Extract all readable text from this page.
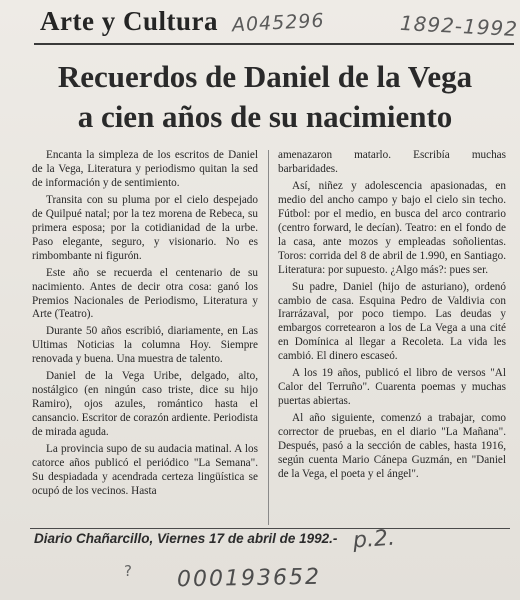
Arte y Cultura A045296	1892-1992
Recuerdos de Daniel de la Vega
a cien años de su nacimiento

Encanta la simpleza de los escritos de Daniel de la Vega, Literatura y periodismo quitan la sed de información y de sentimiento.

Transita con su pluma por el cielo despejado de Quilpué natal; por la tez morena de Rebeca, su primera esposa; por la cotidianidad de la urbe. Paso elegante, seguro, y visionario. No es rimbombante ni figurón.

Este año se recuerda el centenario de su nacimiento. Antes de decir otra cosa: ganó los Premios Nacionales de Periodismo, Literatura y Arte (Teatro).

Durante 50 años escribió, diariamente, en Las Ultimas Noticias la columna Hoy. Siempre renovada y buena. Una muestra de talento.

Daniel de la Vega Uribe, delgado, alto, nostálgico (en ningún caso triste, dice su hijo Ramiro), ojos azules, romántico hasta el cansancio. Escritor de corazón ardiente. Periodista de mirada aguda.

La provincia supo de su audacia matinal. A los catorce años publicó el periódico "La Semana". Su despiadada y acendrada certeza lingüística se ocupó de los vecinos. Hasta

amenazaron matarlo. Escribía muchas barbaridades.

Así, niñez y adolescencia apasionadas, en medio del ancho campo y bajo el cielo sin techo. Fútbol: por el medio, en busca del arco contrario (centro forward, le decían). Teatro: en el fondo de la casa, ante mozos y empleadas soñolientas. Toros: corrida del 8 de abril de 1.990, en Santiago. Literatura: por supuesto. ¿Algo más?: pues ser.

Su padre, Daniel (hijo de asturiano), ordenó cambio de casa. Esquina Pedro de Valdivia con Irarrázaval, por poco tiempo. Las deudas y embargos corretearon a los de La Vega a una cité en Domínica al llegar a Recoleta. La vida les cambió. El dinero escaseó.

A los 19 años, publicó el libro de versos "Al Calor del Terruño". Cuarenta poemas y muchas puertas abiertas.

Al año siguiente, comenzó a trabajar, como corrector de pruebas, en el diario "La Mañana". Después, pasó a la sección de cables, hasta 1916, según cuenta Mario Cánepa Guzmán, en "Daniel de la Vega, el poeta y el ángel".

Diario Chañarcillo, Viernes 17 de abril de 1992.- p.2.
? 000193652
